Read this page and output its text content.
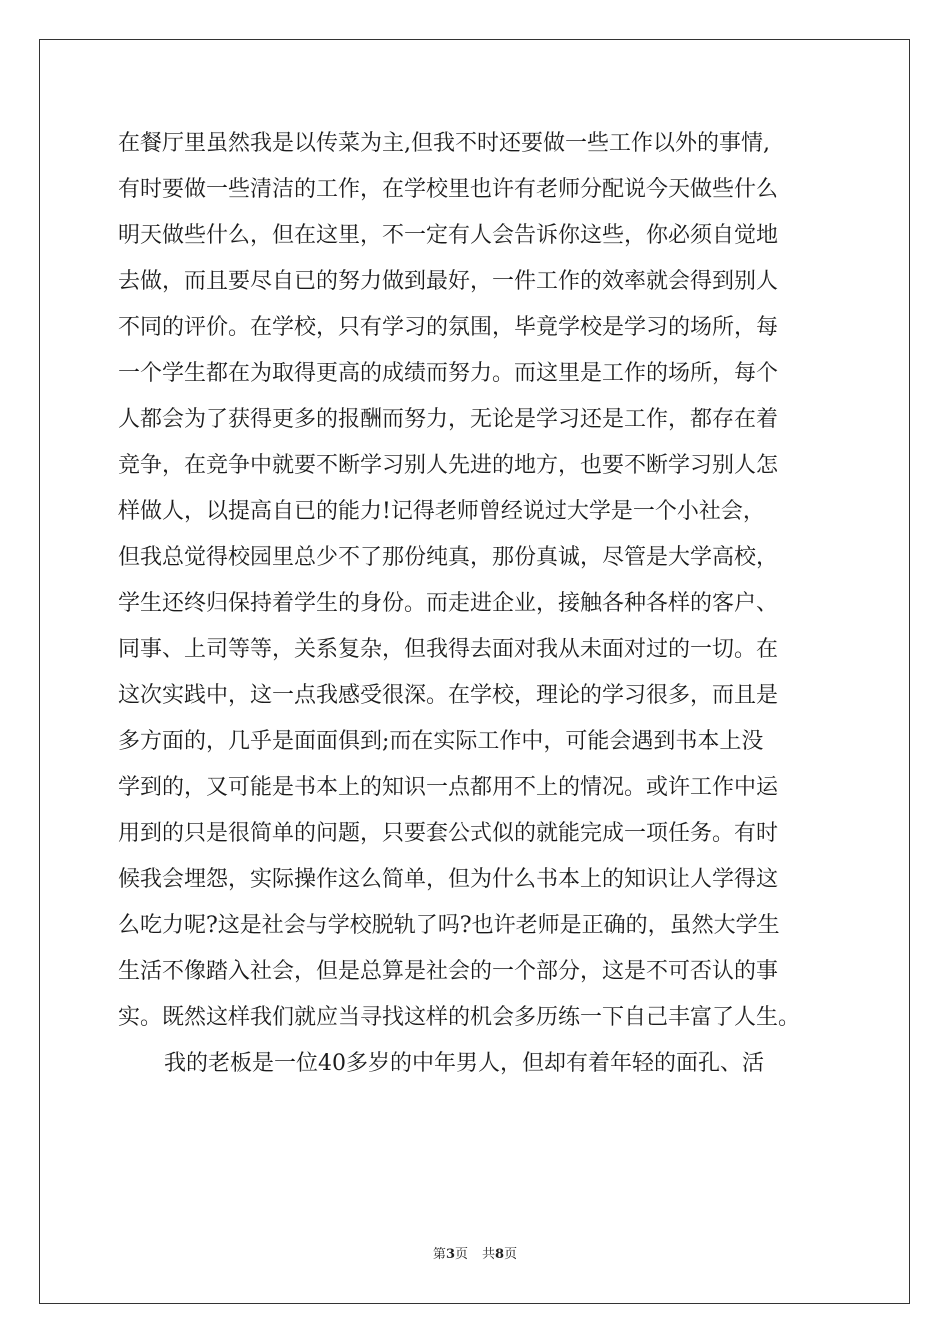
在餐厅里虽然我是以传菜为主,但我不时还要做一些工作以外的事情,
有时要做一些清洁的工作，在学校里也许有老师分配说今天做些什么
明天做些什么，但在这里，不一定有人会告诉你这些，你必须自觉地
去做，而且要尽自已的努力做到最好，一件工作的效率就会得到别人
不同的评价。在学校，只有学习的氛围，毕竟学校是学习的场所，每
一个学生都在为取得更高的成绩而努力。而这里是工作的场所，每个
人都会为了获得更多的报酬而努力，无论是学习还是工作，都存在着
竞争，在竞争中就要不断学习别人先进的地方，也要不断学习别人怎
样做人，以提高自已的能力!记得老师曾经说过大学是一个小社会，
但我总觉得校园里总少不了那份纯真，那份真诚，尽管是大学高校，
学生还终归保持着学生的身份。而走进企业，接触各种各样的客户、
同事、上司等等，关系复杂，但我得去面对我从未面对过的一切。在
这次实践中，这一点我感受很深。在学校，理论的学习很多，而且是
多方面的，几乎是面面俱到;而在实际工作中，可能会遇到书本上没
学到的，又可能是书本上的知识一点都用不上的情况。或许工作中运
用到的只是很简单的问题，只要套公式似的就能完成一项任务。有时
候我会埋怨，实际操作这么简单，但为什么书本上的知识让人学得这
么吃力呢?这是社会与学校脱轨了吗?也许老师是正确的，虽然大学生
生活不像踏入社会，但是总算是社会的一个部分，这是不可否认的事
实。既然这样我们就应当寻找这样的机会多历练一下自己丰富了人生。
我的老板是一位40多岁的中年男人，但却有着年轻的面孔、活
第3页 共8页
